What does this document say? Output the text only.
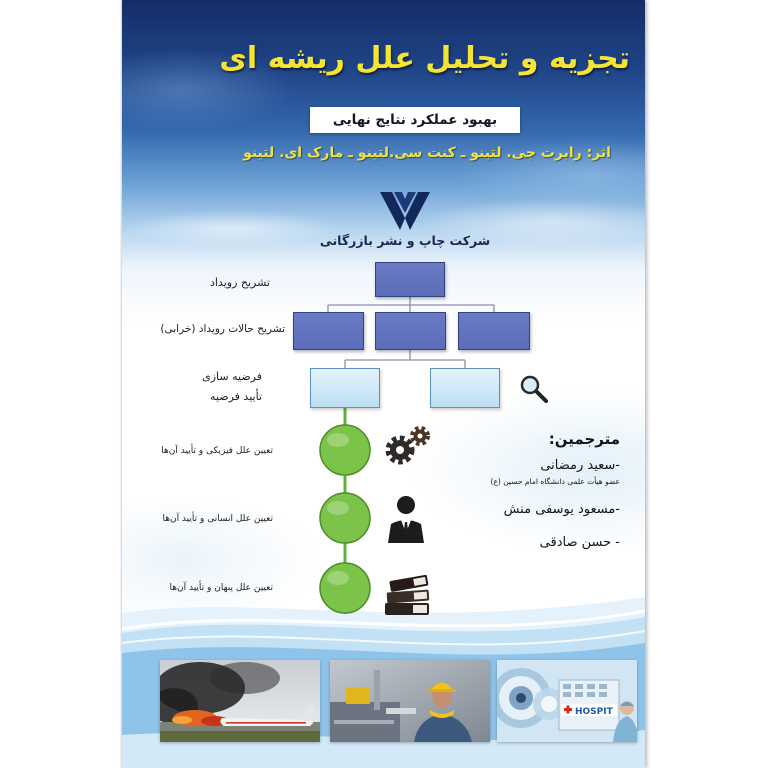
تجزیه و تحلیل علل ریشه ای
بهبود عملکرد نتایج نهایی
اثر: رابرت جی. لتینو ـ کنت سی.لتینو ـ مارک ای. لتینو
شرکت چاپ و نشر بازرگانی
تشریح رویداد
تشریح حالات رویداد (خرابی)
فرضیه سازی
تأیید فرضیه
تعیین علل فیزیکی و تأیید آن‌ها
تعیین علل انسانی و تأیید آن‌ها
تعیین علل پنهان و تأیید آن‌ها
مترجمین:
-سعید رمضانی
عضو هیأت علمی دانشگاه امام حسین (ع)
-مسعود یوسفی منش
- حسن صادقی
HOSPIT
